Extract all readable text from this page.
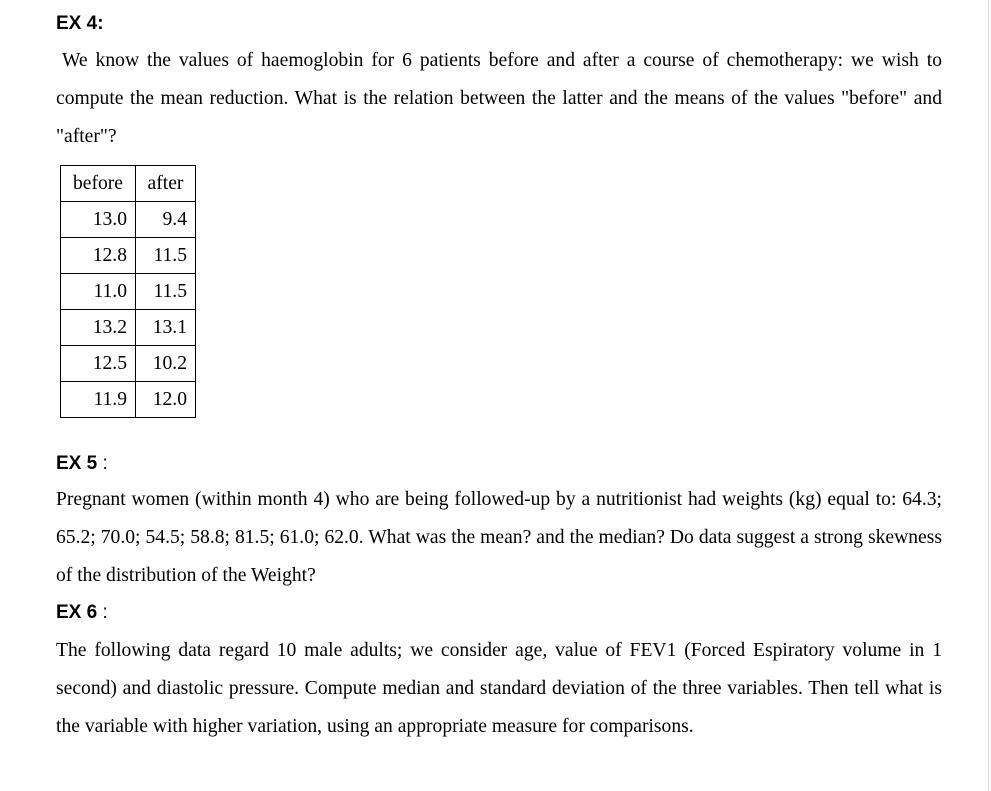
EX 4:

We know the values of haemoglobin for 6 patients before and after a course of chemotherapy: we wish to compute the mean reduction. What is the relation between the latter and the means of the values "before" and "after"?

before	after
13.0	9.4
12.8	11.5
11.0	11.5
13.2	13.1
12.5	10.2
11.9	12.0
EX 5 :

Pregnant women (within month 4) who are being followed-up by a nutritionist had weights (kg) equal to: 64.3; 65.2; 70.0; 54.5; 58.8; 81.5; 61.0; 62.0. What was the mean? and the median? Do data suggest a strong skewness of the distribution of the Weight?

EX 6 :

The following data regard 10 male adults; we consider age, value of FEV1 (Forced Espiratory volume in 1 second) and diastolic pressure. Compute median and standard deviation of the three variables. Then tell what is the variable with higher variation, using an appropriate measure for comparisons.
